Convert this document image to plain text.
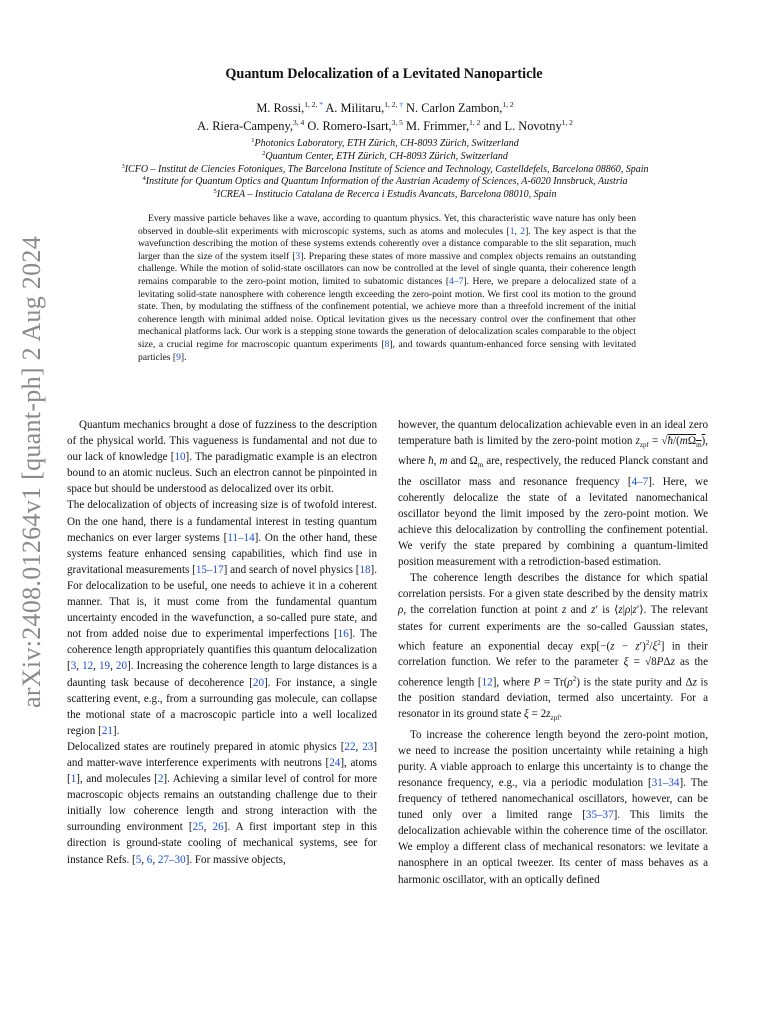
arXiv:2408.01264v1 [quant-ph] 2 Aug 2024
Quantum Delocalization of a Levitated Nanoparticle
M. Rossi,$^{1, 2, *}$ A. Militaru,$^{1, 2, \dagger}$ N. Carlon Zambon,$^{1, 2}$
A. Riera-Campeny,$^{3, 4}$ O. Romero-Isart,$^{3, 5}$ M. Frimmer,$^{1, 2}$ and L. Novotny$^{1, 2}$
$^1$Photonics Laboratory, ETH Zürich, CH-8093 Zürich, Switzerland
$^2$Quantum Center, ETH Zürich, CH-8093 Zürich, Switzerland
$^3$ICFO – Institut de Ciencies Fotoniques, The Barcelona Institute of Science and Technology, Castelldefels, Barcelona 08860, Spain
$^4$Institute for Quantum Optics and Quantum Information of the Austrian Academy of Sciences, A-6020 Innsbruck, Austria
$^5$ICREA – Institucio Catalana de Recerca i Estudis Avancats, Barcelona 08010, Spain

Every massive particle behaves like a wave, according to quantum physics. Yet, this characteristic wave nature has only been observed in double-slit experiments with microscopic systems, such as atoms and molecules [1, 2]. The key aspect is that the wavefunction describing the motion of these systems extends coherently over a distance comparable to the slit separation, much larger than the size of the system itself [3]. Preparing these states of more massive and complex objects remains an outstanding challenge. While the motion of solid-state oscillators can now be controlled at the level of single quanta, their coherence length remains comparable to the zero-point motion, limited to subatomic distances [4–7]. Here, we prepare a delocalized state of a levitating solid-state nanosphere with coherence length exceeding the zero-point motion. We first cool its motion to the ground state. Then, by modulating the stiffness of the confinement potential, we achieve more than a threefold increment of the initial coherence length with minimal added noise. Optical levitation gives us the necessary control over the confinement that other mechanical platforms lack. Our work is a stepping stone towards the generation of delocalization scales comparable to the object size, a crucial regime for macroscopic quantum experiments [8], and towards quantum-enhanced force sensing with levitated particles [9].

Quantum mechanics brought a dose of fuzziness to the description of the physical world. This vagueness is fundamental and not due to our lack of knowledge [10]. The paradigmatic example is an electron bound to an atomic nucleus. Such an electron cannot be pinpointed in space but should be understood as delocalized over its orbit.

The delocalization of objects of increasing size is of twofold interest. On the one hand, there is a fundamental interest in testing quantum mechanics on ever larger systems [11–14]. On the other hand, these systems feature enhanced sensing capabilities, which find use in gravitational measurements [15–17] and search of novel physics [18]. For delocalization to be useful, one needs to achieve it in a coherent manner. That is, it must come from the fundamental quantum uncertainty encoded in the wavefunction, a so-called pure state, and not from added noise due to experimental imperfections [16]. The coherence length appropriately quantifies this quantum delocalization [3, 12, 19, 20]. Increasing the coherence length to large distances is a daunting task because of decoherence [20]. For instance, a single scattering event, e.g., from a surrounding gas molecule, can collapse the motional state of a macroscopic particle into a well localized region [21].

Delocalized states are routinely prepared in atomic physics [22, 23] and matter-wave interference experiments with neutrons [24], atoms [1], and molecules [2]. Achieving a similar level of control for more macroscopic objects remains an outstanding challenge due to their initially low coherence length and strong interaction with the surrounding environment [25, 26]. A first important step in this direction is ground-state cooling of mechanical systems, see for instance Refs. [5, 6, 27–30]. For massive objects,

however, the quantum delocalization achievable even in an ideal zero temperature bath is limited by the zero-point motion $z_{zpf}$ = $√ħ/(m\Omega_m)$, where ħ, m and $\Omega_m$ are, respectively, the reduced Planck constant and the oscillator mass and resonance frequency [4–7]. Here, we coherently delocalize the state of a levitated nanomechanical oscillator beyond the limit imposed by the zero-point motion. We achieve this delocalization by controlling the confinement potential. We verify the state prepared by combining a quantum-limited position measurement with a retrodiction-based estimation.

The coherence length describes the distance for which spatial correlation persists. For a given state described by the density matrix ρ, the correlation function at point z and z′ is ⟨z|ρ|z′⟩. The relevant states for current experiments are the so-called Gaussian states, which feature an exponential decay $\exp[-(z - z')^2/\xi^2]$ in their correlation function. We refer to the parameter ξ = √8PΔz as the coherence length [12], where $P = Tr(\rho^2)$ is the state purity and Δz is the position standard deviation, termed also uncertainty. For a resonator in its ground state $\xi = 2z_{zpf}$.

To increase the coherence length beyond the zero-point motion, we need to increase the position uncertainty while retaining a high purity. A viable approach to enlarge this uncertainty is to change the resonance frequency, e.g., via a periodic modulation [31–34]. The frequency of tethered nanomechanical oscillators, however, can be tuned only over a limited range [35–37]. This limits the delocalization achievable within the coherence time of the oscillator. We employ a different class of mechanical resonators: we levitate a nanosphere in an optical tweezer. Its center of mass behaves as a harmonic oscillator, with an optically defined
